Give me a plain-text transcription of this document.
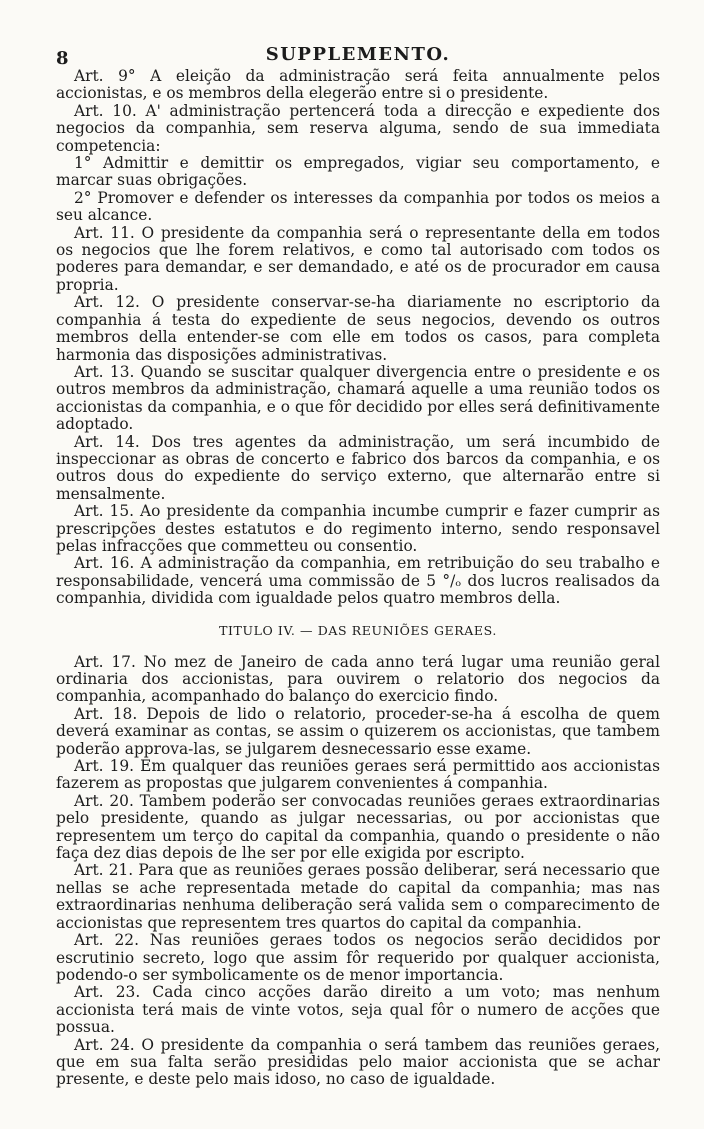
8	SUPPLEMENTO.

Art. 9° A eleição da administração será feita annualmente pelos accionistas, e os membros della elegerão entre si o presidente.

Art. 10. A' administração pertencerá toda a direcção e expediente dos negocios da companhia, sem reserva alguma, sendo de sua immediata competencia:

1° Admittir e demittir os empregados, vigiar seu comportamento, e marcar suas obrigações.

2° Promover e defender os interesses da companhia por todos os meios a seu alcance.

Art. 11. O presidente da companhia será o representante della em todos os negocios que lhe forem relativos, e como tal autorisado com todos os poderes para demandar, e ser demandado, e até os de procurador em causa propria.

Art. 12. O presidente conservar-se-ha diariamente no escriptorio da companhia á testa do expediente de seus negocios, devendo os outros membros della entender-se com elle em todos os casos, para completa harmonia das disposições administrativas.

Art. 13. Quando se suscitar qualquer divergencia entre o presidente e os outros membros da administração, chamará aquelle a uma reunião todos os accionistas da companhia, e o que fôr decidido por elles será definitivamente adoptado.

Art. 14. Dos tres agentes da administração, um será incumbido de inspeccionar as obras de concerto e fabrico dos barcos da companhia, e os outros dous do expediente do serviço externo, que alternarão entre si mensalmente.

Art. 15. Ao presidente da companhia incumbe cumprir e fazer cumprir as prescripções destes estatutos e do regimento interno, sendo responsavel pelas infracções que commetteu ou consentio.

Art. 16. A administração da companhia, em retribuição do seu trabalho e responsabilidade, vencerá uma commissão de 5 °/ₒ dos lucros realisados da companhia, dividida com igualdade pelos quatro membros della.

TITULO IV. — DAS REUNIÕES GERAES.

Art. 17. No mez de Janeiro de cada anno terá lugar uma reunião geral ordinaria dos accionistas, para ouvirem o relatorio dos negocios da companhia, acompanhado do balanço do exercicio findo.

Art. 18. Depois de lido o relatorio, proceder-se-ha á escolha de quem deverá examinar as contas, se assim o quizerem os accionistas, que tambem poderão approva-las, se julgarem desnecessario esse exame.

Art. 19. Em qualquer das reuniões geraes será permittido aos accionistas fazerem as propostas que julgarem convenientes á companhia.

Art. 20. Tambem poderão ser convocadas reuniões geraes extraordinarias pelo presidente, quando as julgar necessarias, ou por accionistas que representem um terço do capital da companhia, quando o presidente o não faça dez dias depois de lhe ser por elle exigida por escripto.

Art. 21. Para que as reuniões geraes possão deliberar, será necessario que nellas se ache representada metade do capital da companhia; mas nas extraordinarias nenhuma deliberação será valida sem o comparecimento de accionistas que representem tres quartos do capital da companhia.

Art. 22. Nas reuniões geraes todos os negocios serão decididos por escrutinio secreto, logo que assim fôr requerido por qualquer accionista, podendo-o ser symbolicamente os de menor importancia.

Art. 23. Cada cinco acções darão direito a um voto; mas nenhum accionista terá mais de vinte votos, seja qual fôr o numero de acções que possua.

Art. 24. O presidente da companhia o será tambem das reuniões geraes, que em sua falta serão presididas pelo maior accionista que se achar presente, e deste pelo mais idoso, no caso de igualdade.
